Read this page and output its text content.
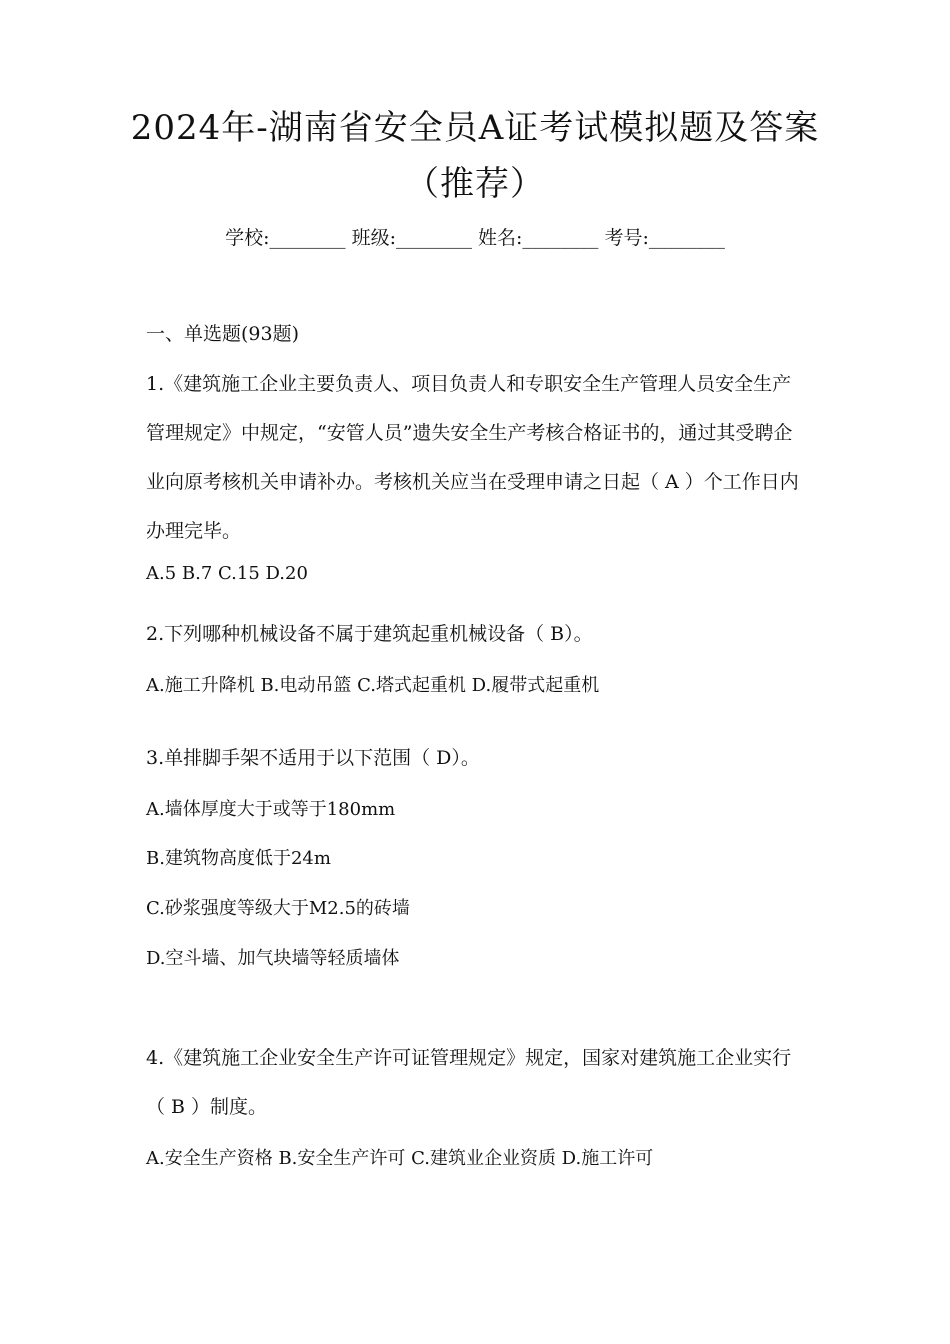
2024年-湖南省安全员A证考试模拟题及答案（推荐）
学校:________ 班级:________ 姓名:________ 考号:________
一、单选题(93题)
1.《建筑施工企业主要负责人、项目负责人和专职安全生产管理人员安全生产管理规定》中规定，“安管人员”遗失安全生产考核合格证书的，通过其受聘企业向原考核机关申请补办。考核机关应当在受理申请之日起（ A ）个工作日内办理完毕。
A.5 B.7 C.15 D.20
2.下列哪种机械设备不属于建筑起重机械设备（ B）。
A.施工升降机 B.电动吊篮 C.塔式起重机 D.履带式起重机
3.单排脚手架不适用于以下范围（ D）。
A.墙体厚度大于或等于180mm
B.建筑物高度低于24m
C.砂浆强度等级大于M2.5的砖墙
D.空斗墙、加气块墙等轻质墙体
4.《建筑施工企业安全生产许可证管理规定》规定，国家对建筑施工企业实行（ B ）制度。
A.安全生产资格 B.安全生产许可 C.建筑业企业资质 D.施工许可
